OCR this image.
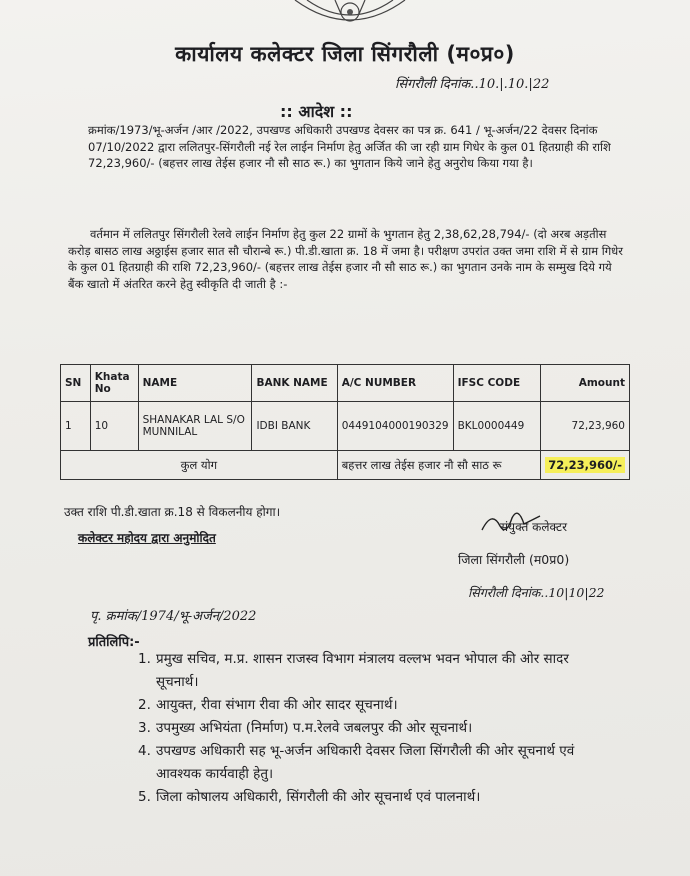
कार्यालय कलेक्टर जिला सिंगरौली (म०प्र०)
सिंगरौली दिनांक..10.|.10.|22
:: आदेश ::
क्रमांक/1973/भू-अर्जन /आर /2022, उपखण्ड अधिकारी उपखण्ड देवसर का पत्र क्र. 641 / भू-अर्जन/22 देवसर दिनांक 07/10/2022 द्वारा ललितपुर-सिंगरौली नई रेल लाईन निर्माण हेतु अर्जित की जा रही ग्राम गिधेर के कुल 01 हितग्राही की राशि 72,23,960/- (बहत्तर लाख तेईस हजार नौ सौ साठ रू.) का भुगतान किये जाने हेतु अनुरोध किया गया है।
वर्तमान में ललितपुर सिंगरौली रेलवे लाईन निर्माण हेतु कुल 22 ग्रामों के भुगतान हेतु 2,38,62,28,794/- (दो अरब अड़तीस करोड़ बासठ लाख अठ्ठाईस हजार सात सौ चौरान्बे रू.) पी.डी.खाता क्र. 18 में जमा है। परीक्षण उपरांत उक्त जमा राशि में से ग्राम गिधेर के कुल 01 हितग्राही की राशि 72,23,960/- (बहत्तर लाख तेईस हजार नौ सौ साठ रू.) का भुगतान उनके नाम के सम्मुख दिये गये बैंक खातो में अंतरित करने हेतु स्वीकृति दी जाती है :-
SN	Khata No	NAME	BANK NAME	A/C NUMBER	IFSC CODE	Amount
1	10	SHANAKAR LAL S/O MUNNILAL	IDBI BANK	0449104000190329	BKL0000449	72,23,960
कुल योग				बहत्तर लाख तेईस हजार नौ सौ साठ रू		72,23,960/-
उक्त राशि पी.डी.खाता क्र.18 से विकलनीय होगा।
कलेक्टर महोदय द्वारा अनुमोदित
संयुक्त कलेक्टर
जिला सिंगरौली (म0प्र0)
सिंगरौली दिनांक..10|10|22
पृ. क्रमांक/1974/भू-अर्जन/2022
प्रतिलिपि:-

1. प्रमुख सचिव, म.प्र. शासन राजस्व विभाग मंत्रालय वल्लभ भवन भोपाल की ओर सादर
सूचनार्थ।

2. आयुक्त, रीवा संभाग रीवा की ओर सादर सूचनार्थ।

3. उपमुख्य अभियंता (निर्माण) प.म.रेलवे जबलपुर की ओर सूचनार्थ।

4. उपखण्ड अधिकारी सह भू-अर्जन अधिकारी देवसर जिला सिंगरौली की ओर सूचनार्थ एवं
आवश्यक कार्यवाही हेतु।

5. जिला कोषालय अधिकारी, सिंगरौली की ओर सूचनार्थ एवं पालनार्थ।
